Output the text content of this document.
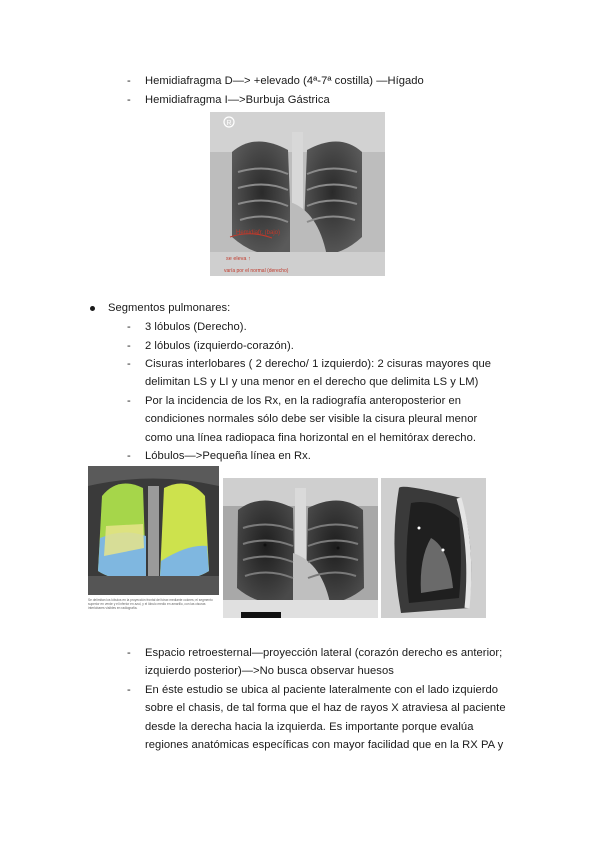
- Hemidiafragma D—> +elevado (4ª-7ª costilla) —Hígado
- Hemidiafragma I—>Burbuja Gástrica
R
Hemidiafr. (bajo)
se eleva ↑
varía por el normal (derecho)
Segmentos pulmonares:
- 3 lóbulos (Derecho).
- 2 lóbulos (izquierdo-corazón).
- Cisuras interlobares ( 2 derecho/ 1 izquierdo): 2 cisuras mayores que
delimitan LS y LI y una menor en el derecho que delimita LS y LM)
- Por la incidencia de los Rx, en la radiografía anteroposterior en
condiciones normales sólo debe ser visible la cisura pleural menor
como una línea radiopaca fina horizontal en el hemitórax derecho.
- Lóbulos—>Pequeña línea en Rx.
Se delimitan los lóbulos en la proyección frontal del tórax mediante colores; el segmento superior en verde y el inferior en azul, y el lóbulo medio en amarillo, con las cisuras interlobares visibles en radiografía.
- Espacio retroesternal—proyección lateral (corazón derecho es anterior;
izquierdo posterior)—>No busca observar huesos
- En éste estudio se ubica al paciente lateralmente con el lado izquierdo
sobre el chasis, de tal forma que el haz de rayos X atraviesa al paciente
desde la derecha hacia la izquierda. Es importante porque evalúa
regiones anatómicas específicas con mayor facilidad que en la RX PA y
